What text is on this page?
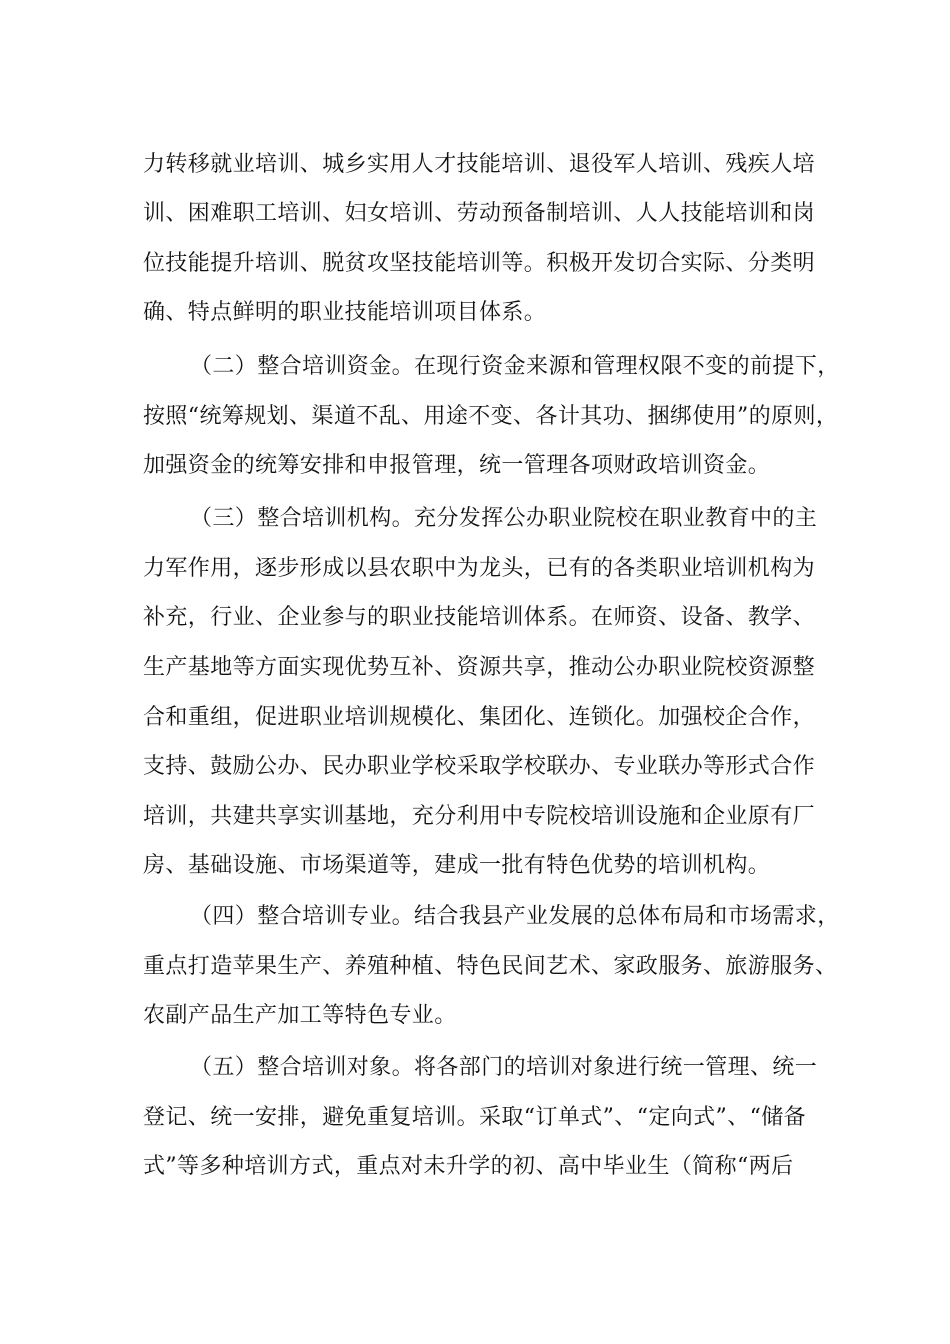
力转移就业培训、城乡实用人才技能培训、退役军人培训、残疾人培
训、困难职工培训、妇女培训、劳动预备制培训、人人技能培训和岗
位技能提升培训、脱贫攻坚技能培训等。积极开发切合实际、分类明
确、特点鲜明的职业技能培训项目体系。
（二）整合培训资金。在现行资金来源和管理权限不变的前提下，
按照“统筹规划、渠道不乱、用途不变、各计其功、捆绑使用”的原则，
加强资金的统筹安排和申报管理，统一管理各项财政培训资金。
（三）整合培训机构。充分发挥公办职业院校在职业教育中的主
力军作用，逐步形成以县农职中为龙头，已有的各类职业培训机构为
补充，行业、企业参与的职业技能培训体系。在师资、设备、教学、
生产基地等方面实现优势互补、资源共享，推动公办职业院校资源整
合和重组，促进职业培训规模化、集团化、连锁化。加强校企合作，
支持、鼓励公办、民办职业学校采取学校联办、专业联办等形式合作
培训，共建共享实训基地，充分利用中专院校培训设施和企业原有厂
房、基础设施、市场渠道等，建成一批有特色优势的培训机构。
（四）整合培训专业。结合我县产业发展的总体布局和市场需求，
重点打造苹果生产、养殖种植、特色民间艺术、家政服务、旅游服务、
农副产品生产加工等特色专业。
（五）整合培训对象。将各部门的培训对象进行统一管理、统一
登记、统一安排，避免重复培训。采取“订单式”、“定向式”、“储备
式”等多种培训方式，重点对未升学的初、高中毕业生（简称“两后
